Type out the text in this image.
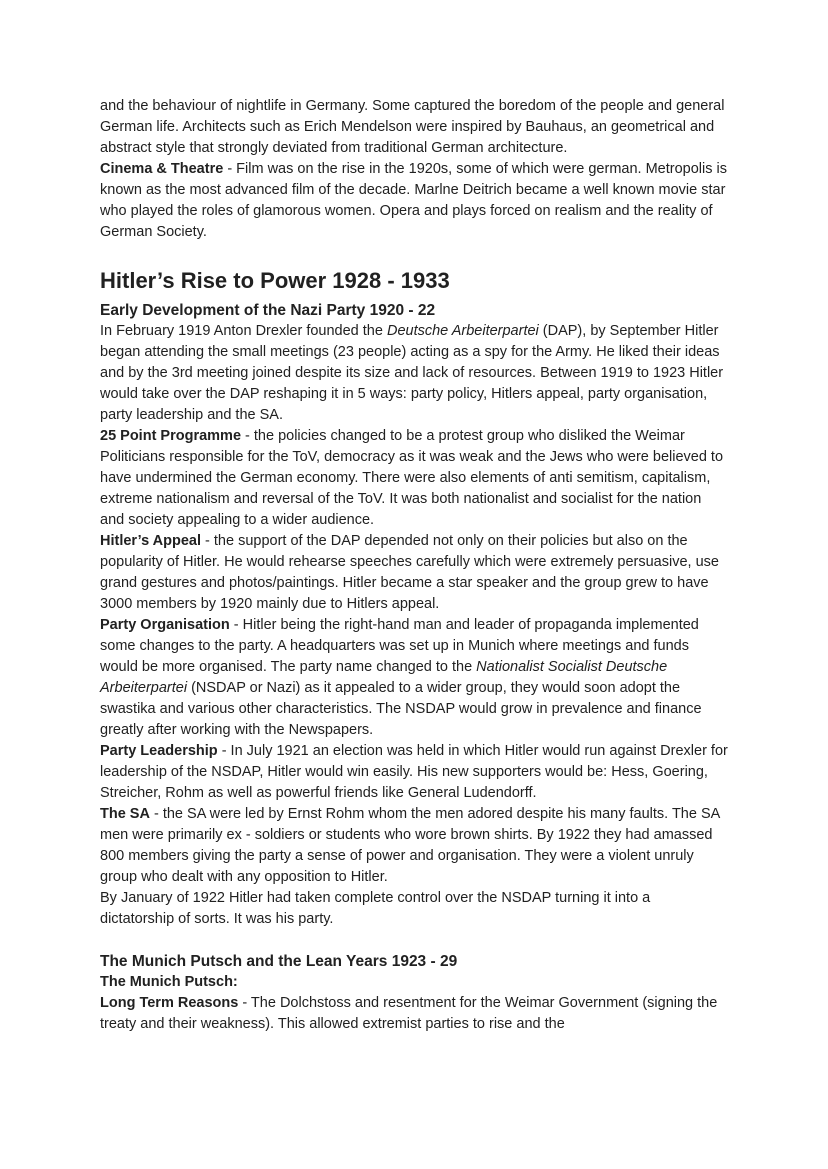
and the behaviour of nightlife in Germany. Some captured the boredom of the people and general German life. Architects such as Erich Mendelson were inspired by Bauhaus, an geometrical and abstract style that strongly deviated from traditional German architecture.

Cinema & Theatre - Film was on the rise in the 1920s, some of which were german. Metropolis is known as the most advanced film of the decade. Marlne Deitrich became a well known movie star who played the roles of glamorous women. Opera and plays forced on realism and the reality of German Society.

Hitler’s Rise to Power 1928 - 1933

Early Development of the Nazi Party 1920 - 22

In February 1919 Anton Drexler founded the Deutsche Arbeiterpartei (DAP), by September Hitler began attending the small meetings (23 people) acting as a spy for the Army. He liked their ideas and by the 3rd meeting joined despite its size and lack of resources. Between 1919 to 1923 Hitler would take over the DAP reshaping it in 5 ways: party policy, Hitlers appeal, party organisation, party leadership and the SA.

25 Point Programme - the policies changed to be a protest group who disliked the Weimar Politicians responsible for the ToV, democracy as it was weak and the Jews who were believed to have undermined the German economy. There were also elements of anti semitism, capitalism, extreme nationalism and reversal of the ToV. It was both nationalist and socialist for the nation and society appealing to a wider audience.

Hitler’s Appeal - the support of the DAP depended not only on their policies but also on the popularity of Hitler. He would rehearse speeches carefully which were extremely persuasive, use grand gestures and photos/paintings. Hitler became a star speaker and the group grew to have 3000 members by 1920 mainly due to Hitlers appeal.

Party Organisation - Hitler being the right-hand man and leader of propaganda implemented some changes to the party. A headquarters was set up in Munich where meetings and funds would be more organised. The party name changed to the Nationalist Socialist Deutsche Arbeiterpartei (NSDAP or Nazi) as it appealed to a wider group, they would soon adopt the swastika and various other characteristics. The NSDAP would grow in prevalence and finance greatly after working with the Newspapers.

Party Leadership - In July 1921 an election was held in which Hitler would run against Drexler for leadership of the NSDAP, Hitler would win easily. His new supporters would be: Hess, Goering, Streicher, Rohm as well as powerful friends like General Ludendorff.

The SA - the SA were led by Ernst Rohm whom the men adored despite his many faults. The SA men were primarily ex - soldiers or students who wore brown shirts. By 1922 they had amassed 800 members giving the party a sense of power and organisation. They were a violent unruly group who dealt with any opposition to Hitler.

By January of 1922 Hitler had taken complete control over the NSDAP turning it into a dictatorship of sorts. It was his party.

The Munich Putsch and the Lean Years 1923 - 29

The Munich Putsch:

Long Term Reasons - The Dolchstoss and resentment for the Weimar Government (signing the treaty and their weakness). This allowed extremist parties to rise and the
